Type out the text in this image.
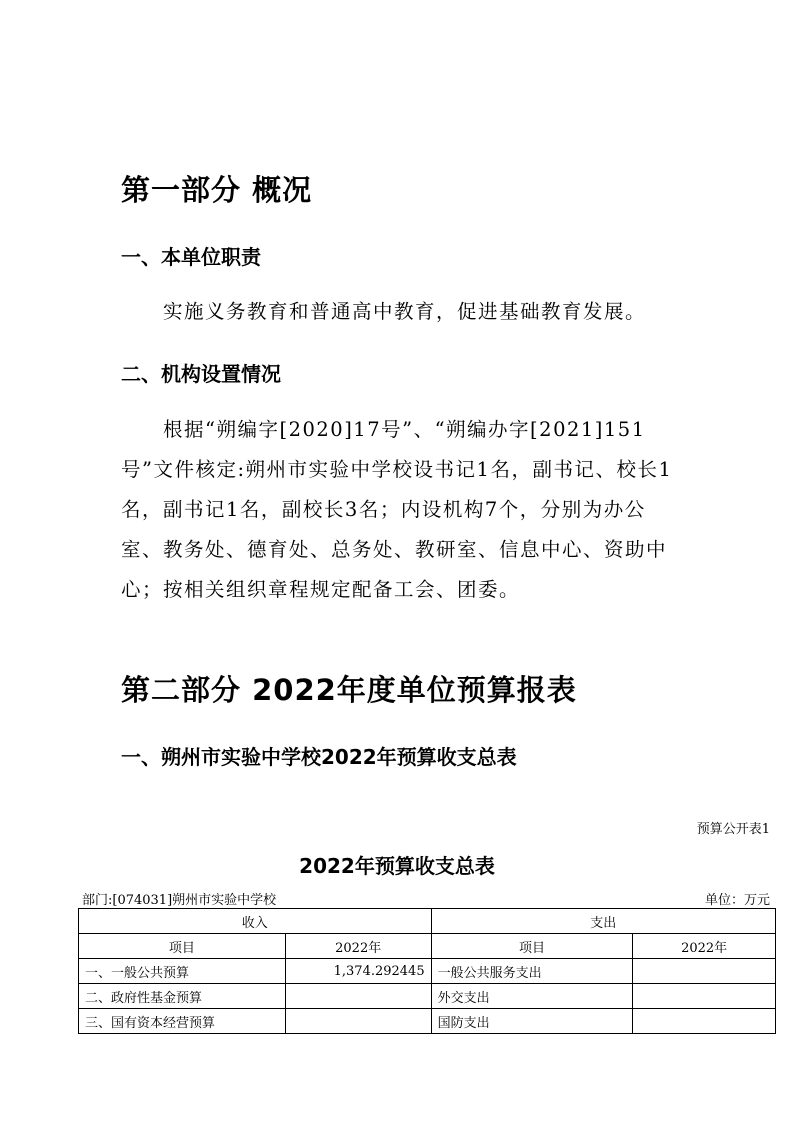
第一部分 概况
一、本单位职责

实施义务教育和普通高中教育，促进基础教育发展。

二、机构设置情况

根据“朔编字[2020]17号”、“朔编办字[2021]151号”文件核定:朔州市实验中学校设书记1名，副书记、校长1名，副书记1名，副校长3名；内设机构7个，分别为办公室、教务处、德育处、总务处、教研室、信息中心、资助中心；按相关组织章程规定配备工会、团委。

第二部分 2022年度单位预算报表
一、朔州市实验中学校2022年预算收支总表
预算公开表1
2022年预算收支总表
部门:[074031]朔州市实验中学校	单位：万元
收入		支出	
项目	2022年	项目	2022年
一、一般公共预算	1,374.292445	一般公共服务支出	
二、政府性基金预算		外交支出	
三、国有资本经营预算		国防支出	
